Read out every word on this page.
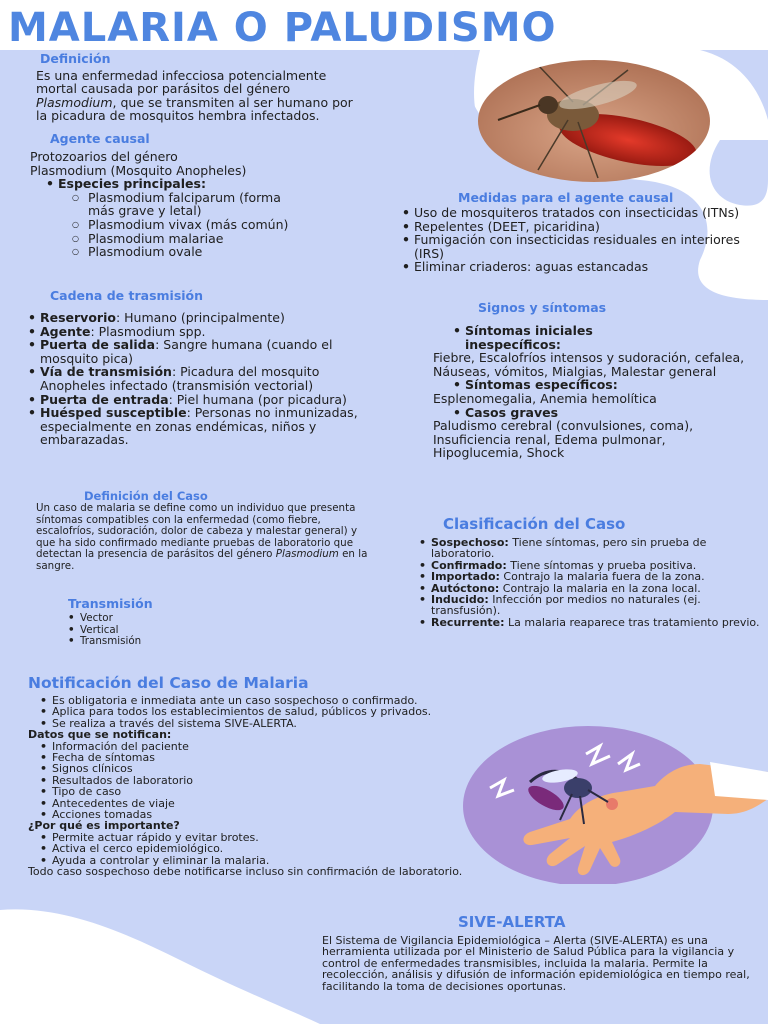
MALARIA O PALUDISMO
Definición
Es una enfermedad infecciosa potencialmente
mortal causada por parásitos del género
Plasmodium, que se transmiten al ser humano por
la picadura de mosquitos hembra infectados.
Agente causal
Protozoarios del género
Plasmodium (Mosquito Anopheles)
• Especies principales:
○ Plasmodium falciparum (forma más grave y letal)
○ Plasmodium vivax (más común)
○ Plasmodium malariae
○ Plasmodium ovale
Medidas para el agente causal
• Uso de mosquiteros tratados con insecticidas (ITNs)
• Repelentes (DEET, picaridina)
• Fumigación con insecticidas residuales en interiores (IRS)
• Eliminar criaderos: aguas estancadas
Cadena de trasmisión
• Reservorio: Humano (principalmente)
• Agente: Plasmodium spp.
• Puerta de salida: Sangre humana (cuando el mosquito pica)
• Vía de transmisión: Picadura del mosquito Anopheles infectado (transmisión vectorial)
• Puerta de entrada: Piel humana (por picadura)
• Huésped susceptible: Personas no inmunizadas, especialmente en zonas endémicas, niños y embarazadas.
Signos y síntomas
• Síntomas iniciales inespecíficos:
Fiebre, Escalofríos intensos y sudoración, cefalea, Náuseas, vómitos, Mialgias, Malestar general
• Síntomas específicos:
Esplenomegalia, Anemia hemolítica
• Casos graves
Paludismo cerebral (convulsiones, coma), Insuficiencia renal, Edema pulmonar, Hipoglucemia, Shock
Definición del Caso
Un caso de malaria se define como un individuo que presenta síntomas compatibles con la enfermedad (como fiebre, escalofríos, sudoración, dolor de cabeza y malestar general) y que ha sido confirmado mediante pruebas de laboratorio que detectan la presencia de parásitos del género Plasmodium en la sangre.
Clasificación del Caso
• Sospechoso: Tiene síntomas, pero sin prueba de laboratorio.
• Confirmado: Tiene síntomas y prueba positiva.
• Importado: Contrajo la malaria fuera de la zona.
• Autóctono: Contrajo la malaria en la zona local.
• Inducido: Infección por medios no naturales (ej. transfusión).
• Recurrente: La malaria reaparece tras tratamiento previo.
Transmisión
• Vector
• Vertical
• Transmisión
Notificación del Caso de Malaria
• Es obligatoria e inmediata ante un caso sospechoso o confirmado.
• Aplica para todos los establecimientos de salud, públicos y privados.
• Se realiza a través del sistema SIVE-ALERTA.
Datos que se notifican:
• Información del paciente
• Fecha de síntomas
• Signos clínicos
• Resultados de laboratorio
• Tipo de caso
• Antecedentes de viaje
• Acciones tomadas
¿Por qué es importante?
• Permite actuar rápido y evitar brotes.
• Activa el cerco epidemiológico.
• Ayuda a controlar y eliminar la malaria.
Todo caso sospechoso debe notificarse incluso sin confirmación de laboratorio.
SIVE-ALERTA
El Sistema de Vigilancia Epidemiológica – Alerta (SIVE-ALERTA) es una herramienta utilizada por el Ministerio de Salud Pública para la vigilancia y control de enfermedades transmisibles, incluida la malaria. Permite la recolección, análisis y difusión de información epidemiológica en tiempo real, facilitando la toma de decisiones oportunas.
